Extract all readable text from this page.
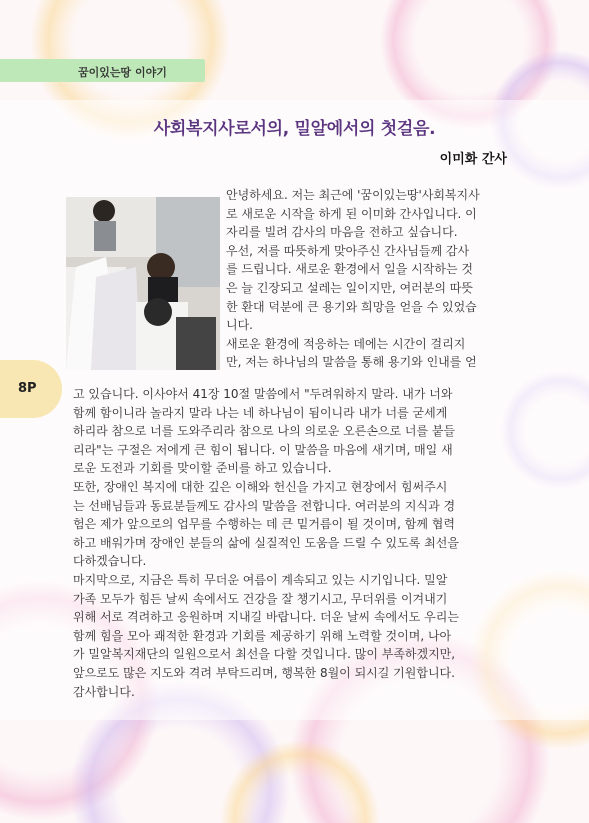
꿈이있는땅 이야기
사회복지사로서의, 밀알에서의 첫걸음.
이미화 간사
8P

안녕하세요. 저는 최근에 '꿈이있는땅'사회복지사

로 새로운 시작을 하게 된 이미화 간사입니다. 이

자리를 빌려 감사의 마음을 전하고 싶습니다.

우선, 저를 따뜻하게 맞아주신 간사님들께 감사

를 드립니다. 새로운 환경에서 일을 시작하는 것

은 늘 긴장되고 설레는 일이지만, 여러분의 따뜻

한 환대 덕분에 큰 용기와 희망을 얻을 수 있었습

니다.

새로운 환경에 적응하는 데에는 시간이 걸리지

만, 저는 하나님의 말씀을 통해 용기와 인내를 얻

고 있습니다. 이사야서 41장 10절 말씀에서 "두려워하지 말라. 내가 너와

함께 함이니라 놀라지 말라 나는 네 하나님이 됨이니라 내가 너를 굳세게

하리라 참으로 너를 도와주리라 참으로 나의 의로운 오른손으로 너를 붙들

리라"는 구절은 저에게 큰 힘이 됩니다. 이 말씀을 마음에 새기며, 매일 새

로운 도전과 기회를 맞이할 준비를 하고 있습니다.

또한, 장애인 복지에 대한 깊은 이해와 헌신을 가지고 현장에서 힘써주시

는 선배님들과 동료분들께도 감사의 말씀을 전합니다. 여러분의 지식과 경

험은 제가 앞으로의 업무를 수행하는 데 큰 밑거름이 될 것이며, 함께 협력

하고 배워가며 장애인 분들의 삶에 실질적인 도움을 드릴 수 있도록 최선을

다하겠습니다.

마지막으로, 지금은 특히 무더운 여름이 계속되고 있는 시기입니다. 밀알

가족 모두가 힘든 날씨 속에서도 건강을 잘 챙기시고, 무더위를 이겨내기

위해 서로 격려하고 응원하며 지내길 바랍니다. 더운 날씨 속에서도 우리는

함께 힘을 모아 쾌적한 환경과 기회를 제공하기 위해 노력할 것이며, 나아

가 밀알복지재단의 일원으로서 최선을 다할 것입니다. 많이 부족하겠지만,

앞으로도 많은 지도와 격려 부탁드리며, 행복한 8월이 되시길 기원합니다.

감사합니다.
